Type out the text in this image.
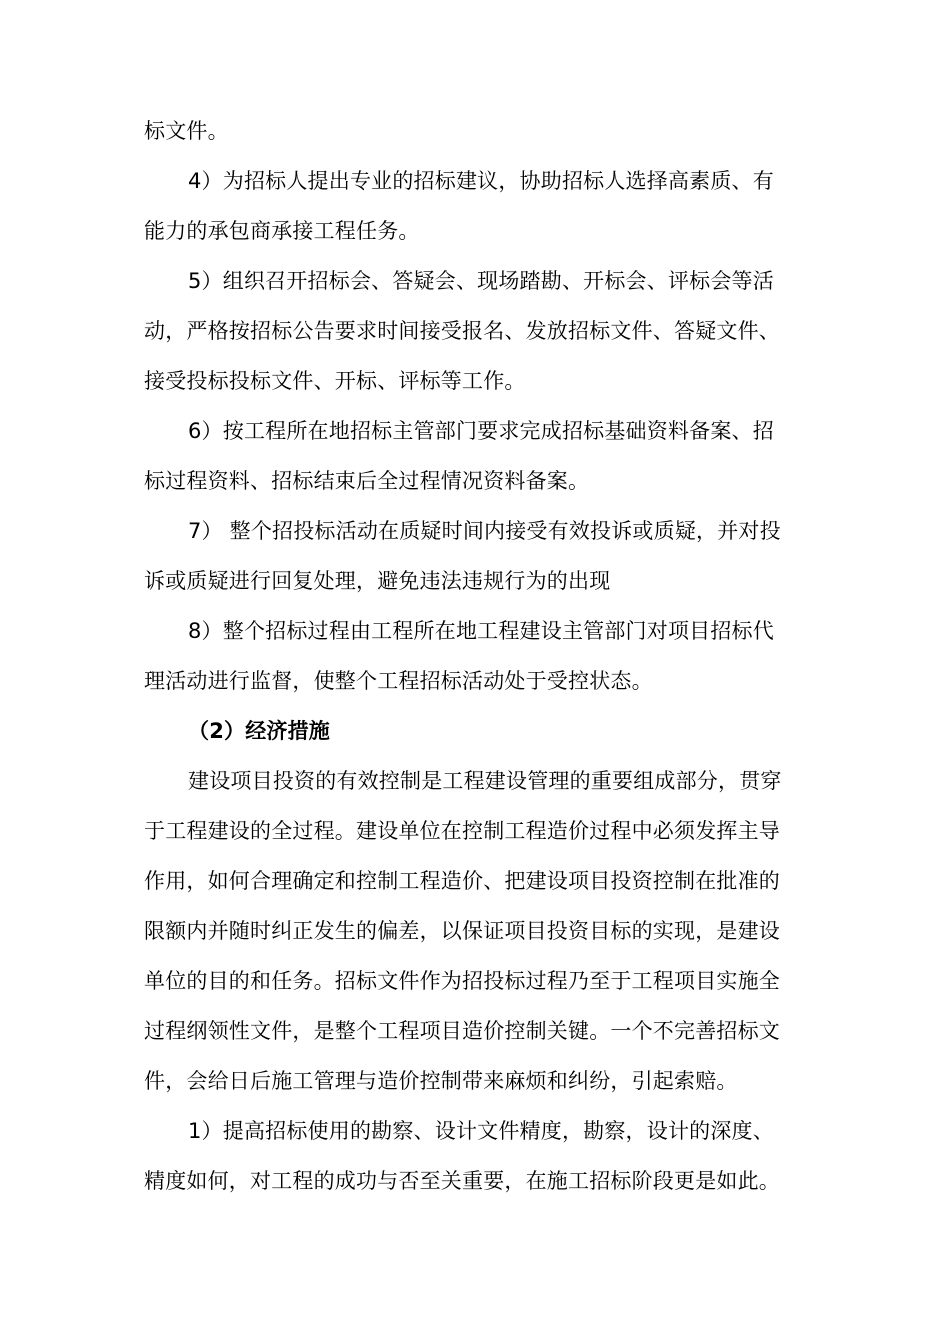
标文件。
4）为招标人提出专业的招标建议，协助招标人选择高素质、有
能力的承包商承接工程任务。
5）组织召开招标会、答疑会、现场踏勘、开标会、评标会等活
动，严格按招标公告要求时间接受报名、发放招标文件、答疑文件、
接受投标投标文件、开标、评标等工作。
6）按工程所在地招标主管部门要求完成招标基础资料备案、招
标过程资料、招标结束后全过程情况资料备案。
7） 整个招投标活动在质疑时间内接受有效投诉或质疑，并对投
诉或质疑进行回复处理，避免违法违规行为的出现
8）整个招标过程由工程所在地工程建设主管部门对项目招标代
理活动进行监督，使整个工程招标活动处于受控状态。
（2）经济措施
建设项目投资的有效控制是工程建设管理的重要组成部分，贯穿
于工程建设的全过程。建设单位在控制工程造价过程中必须发挥主导
作用，如何合理确定和控制工程造价、把建设项目投资控制在批准的
限额内并随时纠正发生的偏差，以保证项目投资目标的实现，是建设
单位的目的和任务。招标文件作为招投标过程乃至于工程项目实施全
过程纲领性文件，是整个工程项目造价控制关键。一个不完善招标文
件，会给日后施工管理与造价控制带来麻烦和纠纷，引起索赔。
1）提高招标使用的勘察、设计文件精度，勘察，设计的深度、
精度如何，对工程的成功与否至关重要，在施工招标阶段更是如此。
